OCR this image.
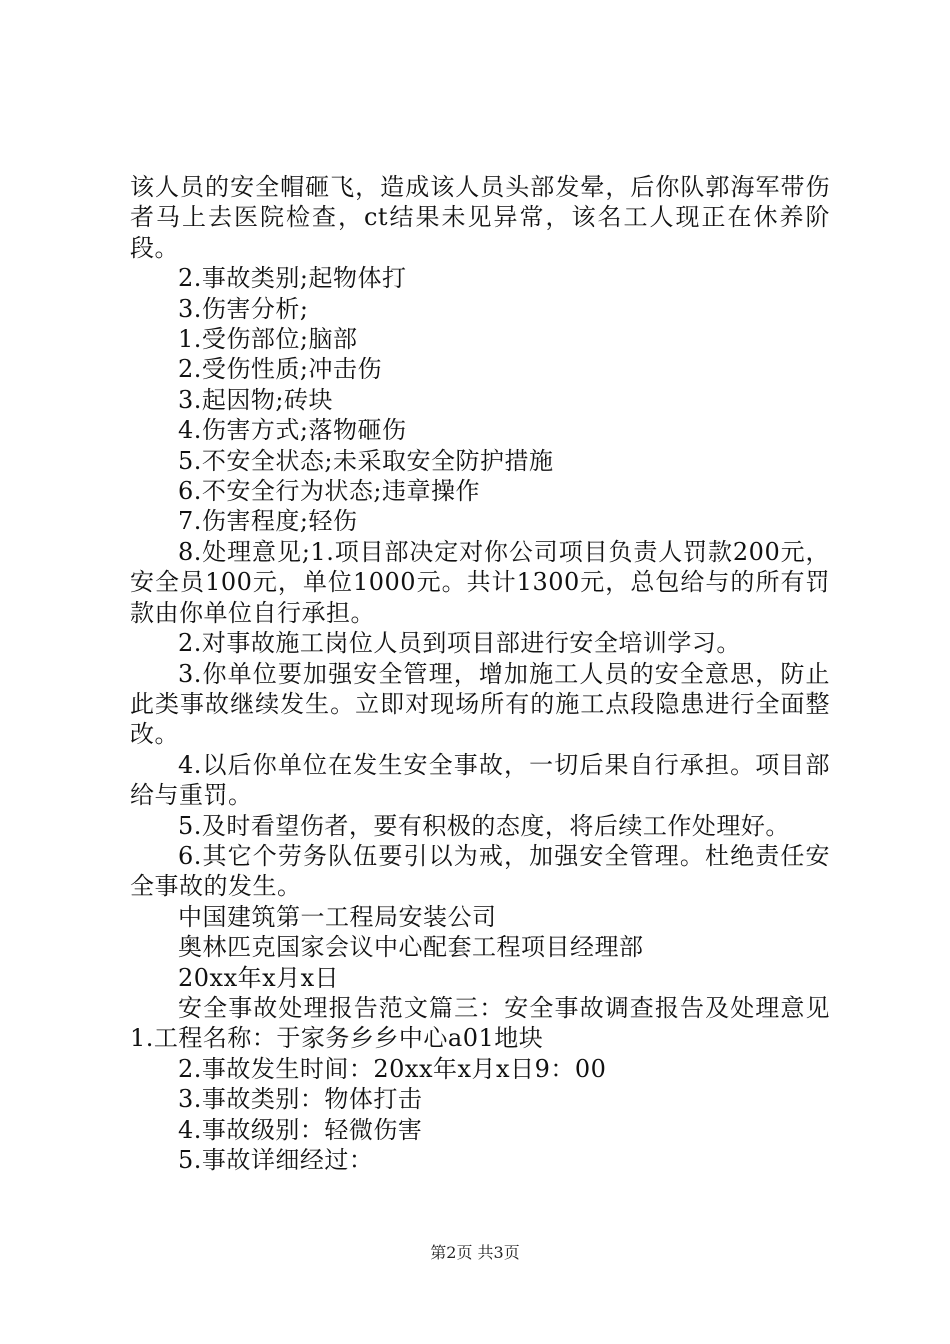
该人员的安全帽砸飞，造成该人员头部发晕，后你队郭海军带伤者马上去医院检查，ct结果未见异常，该名工人现正在休养阶段。

2.事故类别;起物体打

3.伤害分析;

1.受伤部位;脑部

2.受伤性质;冲击伤

3.起因物;砖块

4.伤害方式;落物砸伤

5.不安全状态;未采取安全防护措施

6.不安全行为状态;违章操作

7.伤害程度;轻伤

8.处理意见;1.项目部决定对你公司项目负责人罚款200元，安全员100元，单位1000元。共计1300元，总包给与的所有罚款由你单位自行承担。

2.对事故施工岗位人员到项目部进行安全培训学习。

3.你单位要加强安全管理，增加施工人员的安全意思，防止此类事故继续发生。立即对现场所有的施工点段隐患进行全面整改。

4.以后你单位在发生安全事故，一切后果自行承担。项目部给与重罚。

5.及时看望伤者，要有积极的态度，将后续工作处理好。

6.其它个劳务队伍要引以为戒，加强安全管理。杜绝责任安全事故的发生。

中国建筑第一工程局安装公司

奥林匹克国家会议中心配套工程项目经理部

20xx年x月x日

安全事故处理报告范文篇三：安全事故调查报告及处理意见1.工程名称：于家务乡乡中心a01地块

2.事故发生时间：20xx年x月x日9：00

3.事故类别：物体打击

4.事故级别：轻微伤害

5.事故详细经过：

第2页 共3页
